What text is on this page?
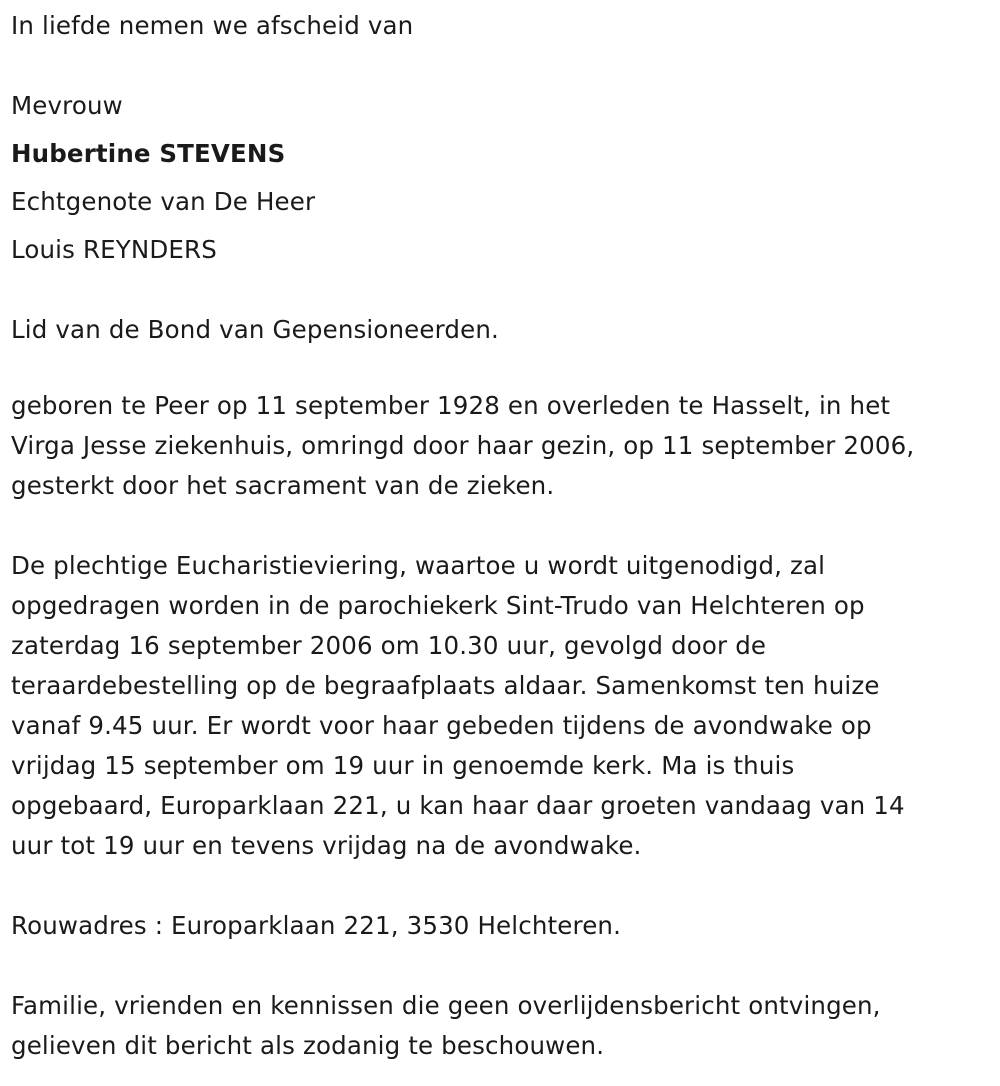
In liefde nemen we afscheid van
Mevrouw
Hubertine STEVENS
Echtgenote van De Heer
Louis REYNDERS
Lid van de Bond van Gepensioneerden.
geboren te Peer op 11 september 1928 en overleden te Hasselt, in het
Virga Jesse ziekenhuis, omringd door haar gezin, op 11 september 2006,
gesterkt door het sacrament van de zieken.
De plechtige Eucharistieviering, waartoe u wordt uitgenodigd, zal
opgedragen worden in de parochiekerk Sint-Trudo van Helchteren op
zaterdag 16 september 2006 om 10.30 uur, gevolgd door de
teraardebestelling op de begraafplaats aldaar. Samenkomst ten huize
vanaf 9.45 uur. Er wordt voor haar gebeden tijdens de avondwake op
vrijdag 15 september om 19 uur in genoemde kerk. Ma is thuis
opgebaard, Europarklaan 221, u kan haar daar groeten vandaag van 14
uur tot 19 uur en tevens vrijdag na de avondwake.
Rouwadres : Europarklaan 221, 3530 Helchteren.
Familie, vrienden en kennissen die geen overlijdensbericht ontvingen,
gelieven dit bericht als zodanig te beschouwen.
